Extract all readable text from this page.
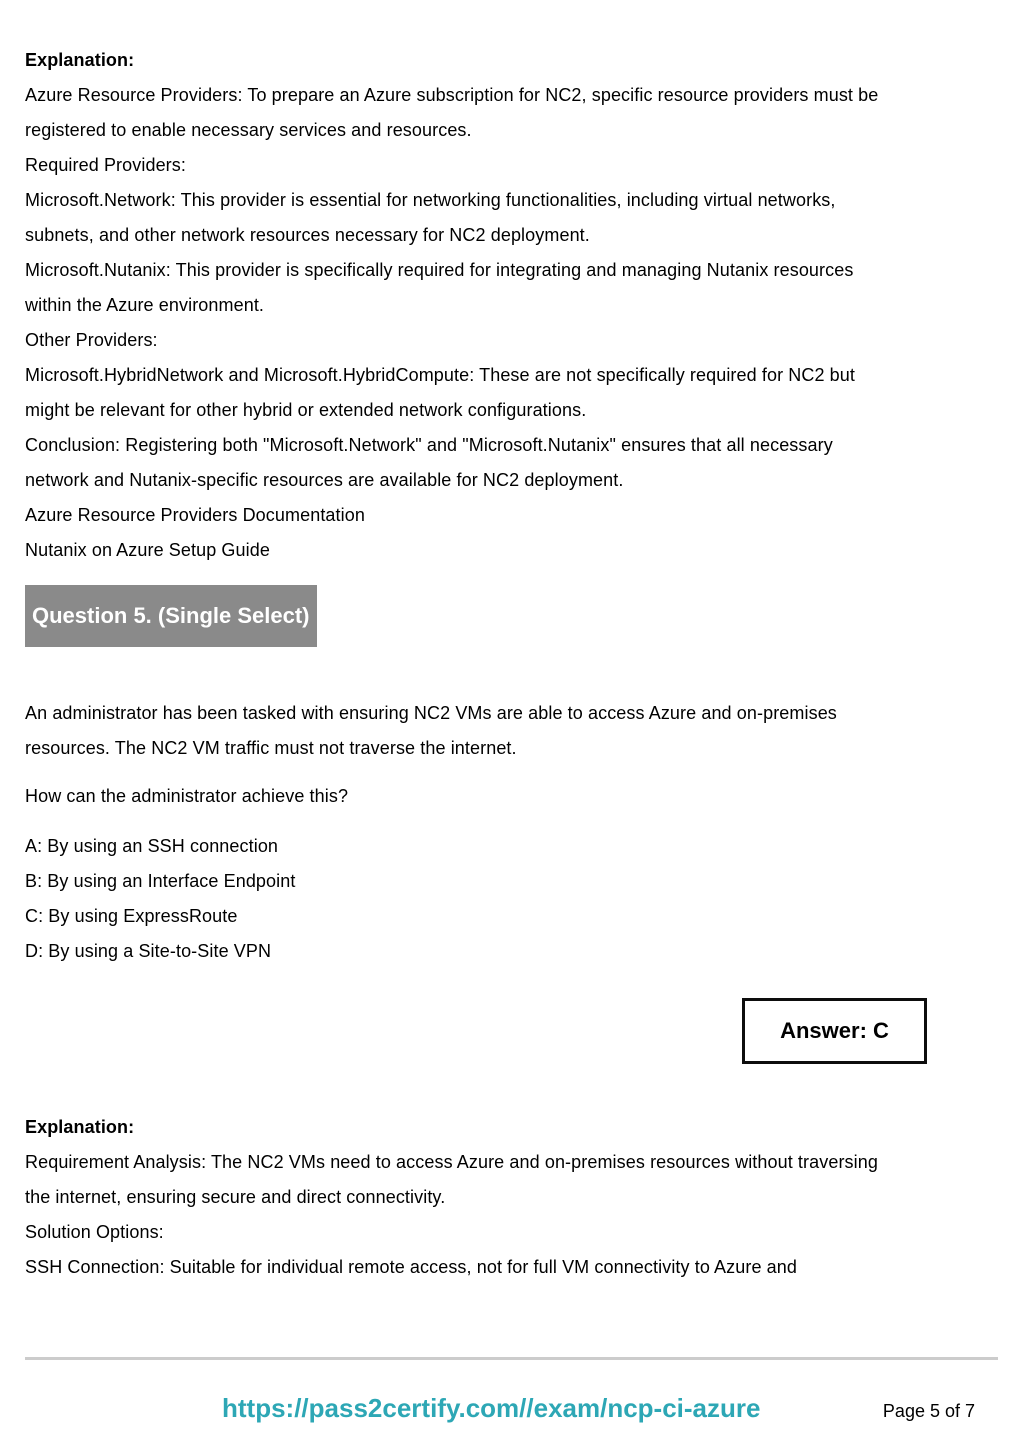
Explanation:
Azure Resource Providers: To prepare an Azure subscription for NC2, specific resource providers must be
registered to enable necessary services and resources.
Required Providers:
Microsoft.Network: This provider is essential for networking functionalities, including virtual networks,
subnets, and other network resources necessary for NC2 deployment.
Microsoft.Nutanix: This provider is specifically required for integrating and managing Nutanix resources
within the Azure environment.
Other Providers:
Microsoft.HybridNetwork and Microsoft.HybridCompute: These are not specifically required for NC2 but
might be relevant for other hybrid or extended network configurations.
Conclusion: Registering both "Microsoft.Network" and "Microsoft.Nutanix" ensures that all necessary
network and Nutanix-specific resources are available for NC2 deployment.
Azure Resource Providers Documentation
Nutanix on Azure Setup Guide
Question 5. (Single Select)
An administrator has been tasked with ensuring NC2 VMs are able to access Azure and on-premises
resources. The NC2 VM traffic must not traverse the internet.
How can the administrator achieve this?
A: By using an SSH connection
B: By using an Interface Endpoint
C: By using ExpressRoute
D: By using a Site-to-Site VPN
Answer: C
Explanation:
Requirement Analysis: The NC2 VMs need to access Azure and on-premises resources without traversing
the internet, ensuring secure and direct connectivity.
Solution Options:
SSH Connection: Suitable for individual remote access, not for full VM connectivity to Azure and
https://pass2certify.com//exam/ncp-ci-azure	Page 5 of 7
